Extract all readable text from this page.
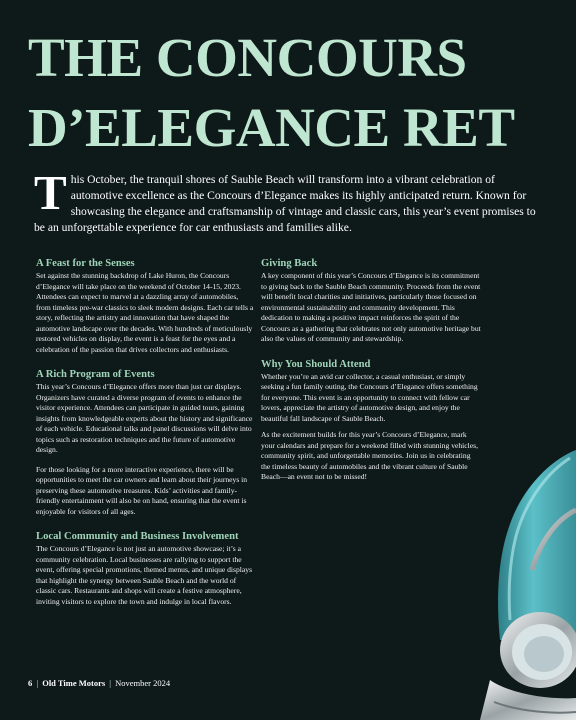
THE CONCOURS
D’ELEGANCE RET
This October, the tranquil shores of Sauble Beach will transform into a vibrant celebration of automotive excellence as the Concours d’Elegance makes its highly anticipated return. Known for showcasing the elegance and craftsmanship of vintage and classic cars, this year’s event promises to be an unforgettable experience for car enthusiasts and families alike.
A Feast for the Senses

Set against the stunning backdrop of Lake Huron, the Concours d’Elegance will take place on the weekend of October 14-15, 2023. Attendees can expect to marvel at a dazzling array of automobiles, from timeless pre-war classics to sleek modern designs. Each car tells a story, reflecting the artistry and innovation that have shaped the automotive landscape over the decades. With hundreds of meticulously restored vehicles on display, the event is a feast for the eyes and a celebration of the passion that drives collectors and enthusiasts.

A Rich Program of Events

This year’s Concours d’Elegance offers more than just car displays. Organizers have curated a diverse program of events to enhance the visitor experience. Attendees can participate in guided tours, gaining insights from knowledgeable experts about the history and significance of each vehicle. Educational talks and panel discussions will delve into topics such as restoration techniques and the future of automotive design.

For those looking for a more interactive experience, there will be opportunities to meet the car owners and learn about their journeys in preserving these automotive treasures. Kids’ activities and family-friendly entertainment will also be on hand, ensuring that the event is enjoyable for visitors of all ages.

Local Community and Business Involvement

The Concours d’Elegance is not just an automotive showcase; it’s a community celebration. Local businesses are rallying to support the event, offering special promotions, themed menus, and unique displays that highlight the synergy between Sauble Beach and the world of classic cars. Restaurants and shops will create a festive atmosphere, inviting visitors to explore the town and indulge in local flavors.

Giving Back

A key component of this year’s Concours d’Elegance is its commitment to giving back to the Sauble Beach community. Proceeds from the event will benefit local charities and initiatives, particularly those focused on environmental sustainability and community development. This dedication to making a positive impact reinforces the spirit of the Concours as a gathering that celebrates not only automotive heritage but also the values of community and stewardship.

Why You Should Attend

Whether you’re an avid car collector, a casual enthusiast, or simply seeking a fun family outing, the Concours d’Elegance offers something for everyone. This event is an opportunity to connect with fellow car lovers, appreciate the artistry of automotive design, and enjoy the beautiful fall landscape of Sauble Beach.

As the excitement builds for this year’s Concours d’Elegance, mark your calendars and prepare for a weekend filled with stunning vehicles, community spirit, and unforgettable memories. Join us in celebrating the timeless beauty of automobiles and the vibrant culture of Sauble Beach—an event not to be missed!

6 | Old Time Motors | November 2024
